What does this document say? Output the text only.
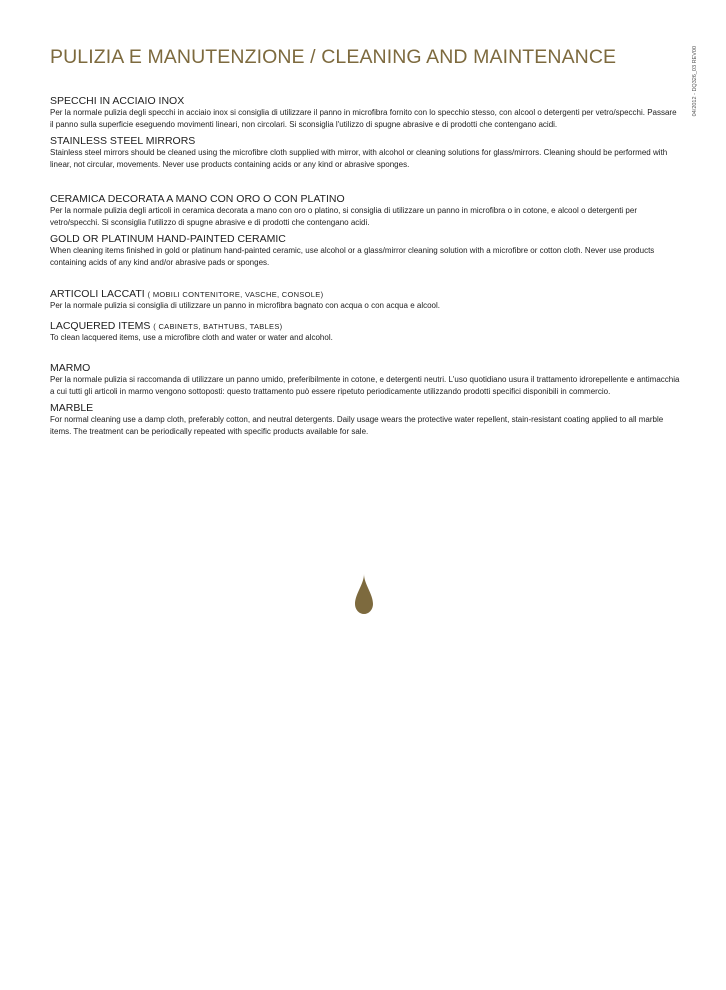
PULIZIA E MANUTENZIONE / CLEANING AND MAINTENANCE	04/2012 - DQ326_03 REV00
SPECCHI IN ACCIAIO INOX

Per la normale pulizia degli specchi in acciaio inox si consiglia di utilizzare il panno in microfibra fornito con lo specchio stesso, con alcool o detergenti per vetro/specchi. Passare il panno sulla superficie eseguendo movimenti lineari, non circolari. Si sconsiglia l'utilizzo di spugne abrasive e di prodotti che contengano acidi.

STAINLESS STEEL MIRRORS

Stainless steel mirrors should be cleaned using the microfibre cloth supplied with mirror, with alcohol or cleaning solutions for glass/mirrors. Cleaning should be performed with linear, not circular, movements. Never use products containing acids or any kind or abrasive sponges.

CERAMICA DECORATA A MANO CON ORO O CON PLATINO

Per la normale pulizia degli articoli in ceramica decorata a mano con oro o platino, si consiglia di utilizzare un panno in microfibra o in cotone, e alcool o detergenti per vetro/specchi. Si sconsiglia l'utilizzo di spugne abrasive e di prodotti che contengano acidi.

GOLD OR PLATINUM HAND-PAINTED CERAMIC

When cleaning items finished in gold or platinum hand-painted ceramic, use alcohol or a glass/mirror cleaning solution with a microfibre or cotton cloth. Never use products containing acids of any kind and/or abrasive pads or sponges.

ARTICOLI LACCATI ( MOBILI CONTENITORE, VASCHE, CONSOLE)

Per la normale pulizia si consiglia di utilizzare un panno in microfibra bagnato con acqua o con acqua e alcool.

LACQUERED ITEMS ( CABINETS, BATHTUBS, TABLES)

To clean lacquered items, use a microfibre cloth and water or water and alcohol.

MARMO

Per la normale pulizia si raccomanda di utilizzare un panno umido, preferibilmente in cotone, e detergenti neutri. L'uso quotidiano usura il trattamento idrorepellente e antimacchia a cui tutti gli articoli in marmo vengono sottoposti: questo trattamento può essere ripetuto periodicamente utilizzando prodotti specifici disponibili in commercio.

MARBLE

For normal cleaning use a damp cloth, preferably cotton, and neutral detergents. Daily usage wears the protective water repellent, stain-resistant coating applied to all marble items. The treatment can be periodically repeated with specific products available for sale.
